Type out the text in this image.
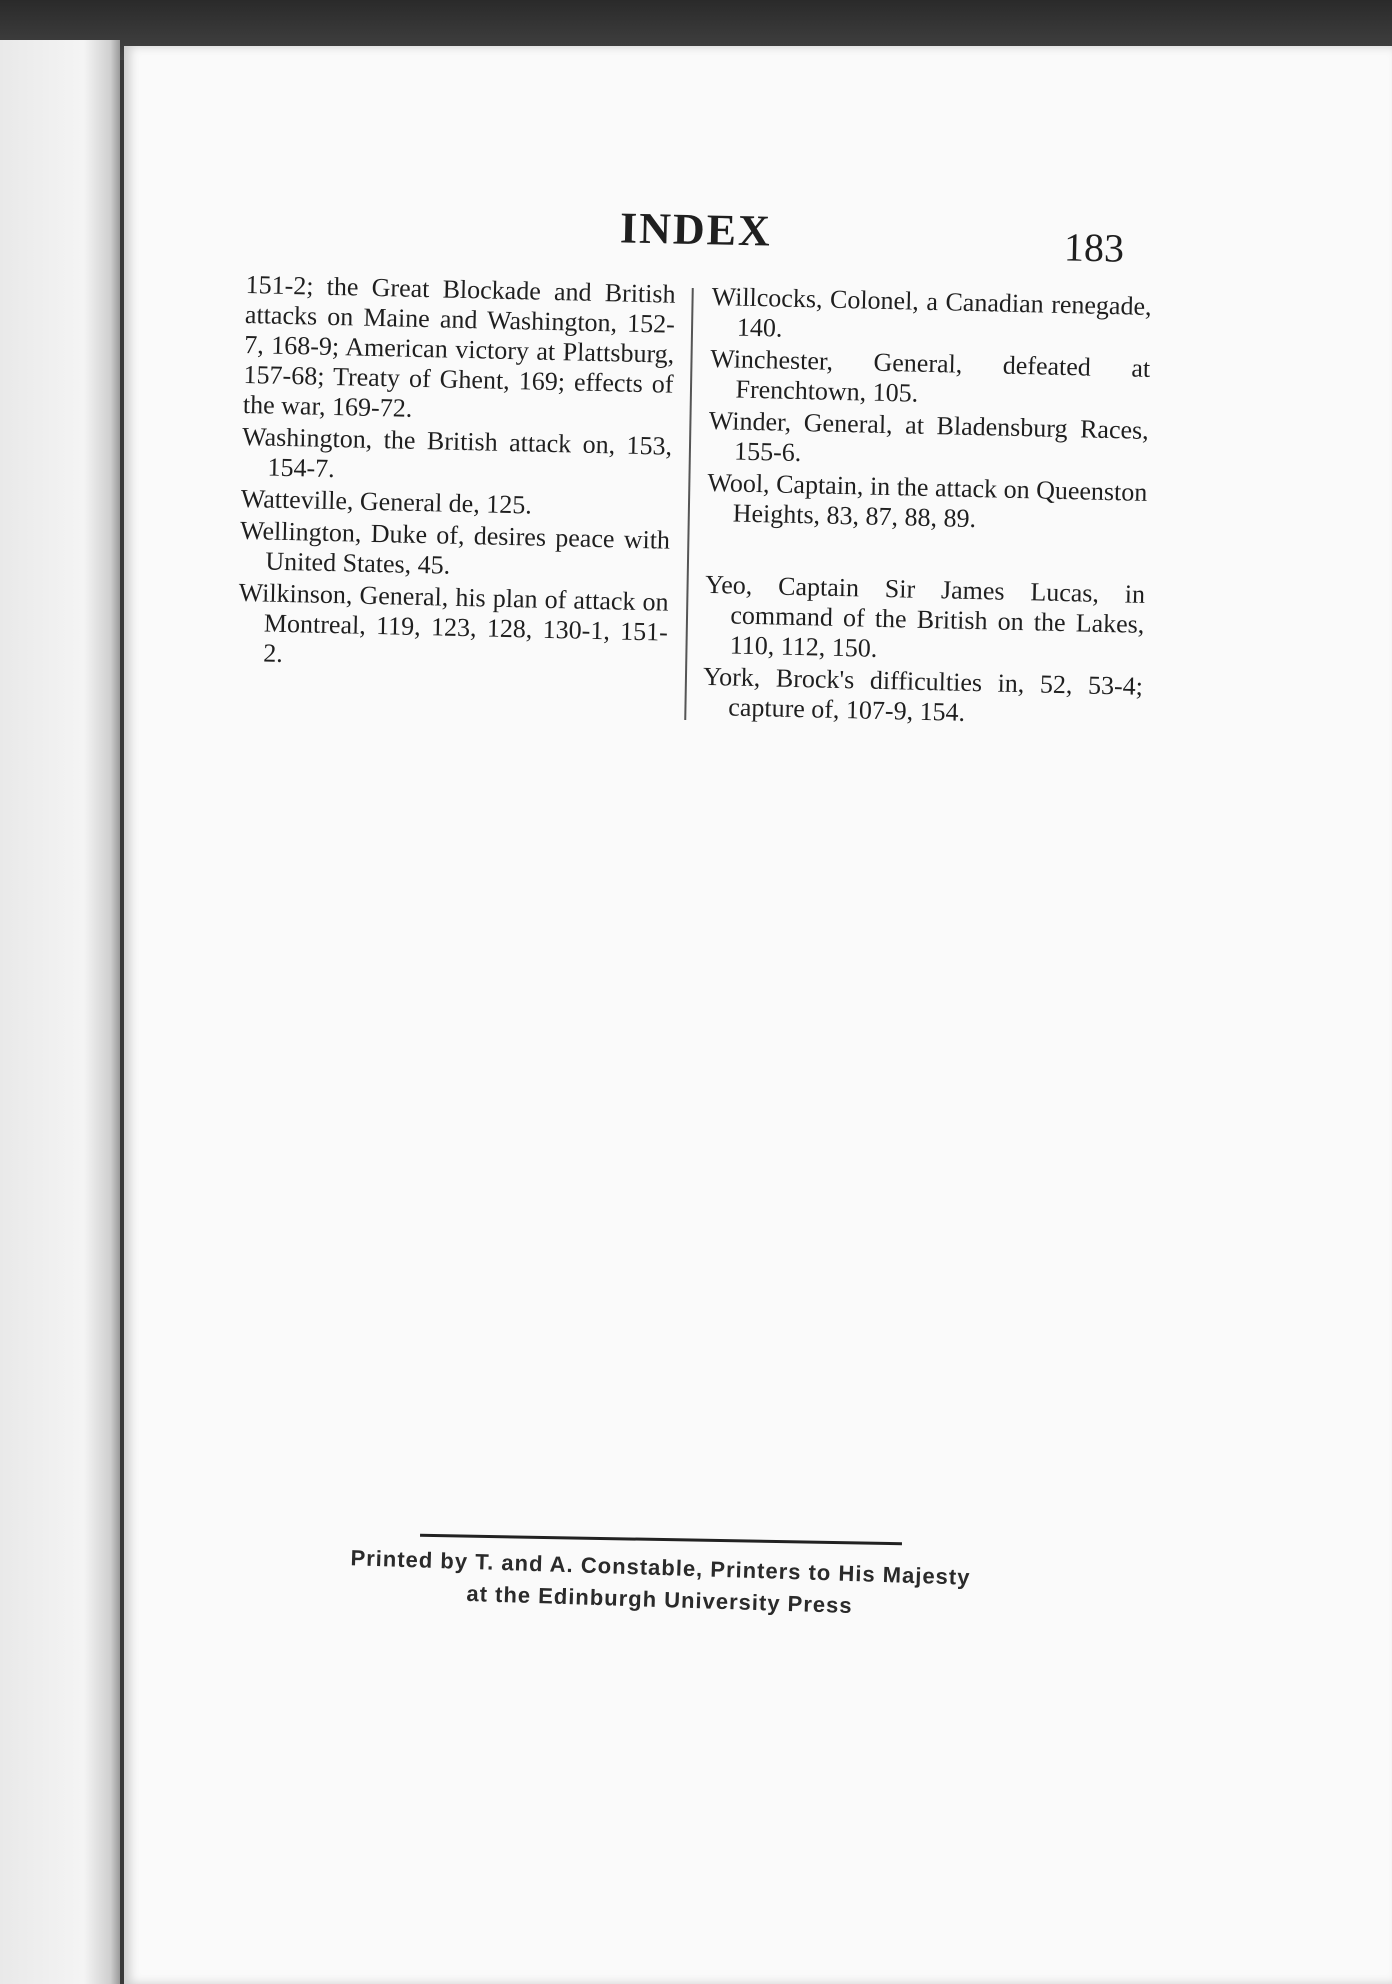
INDEX	183

151-2; the Great Blockade and British attacks on Maine and Washington, 152-7, 168-9; American victory at Plattsburg, 157-68; Treaty of Ghent, 169; effects of the war, 169-72.

Washington, the British attack on, 153, 154-7.

Watteville, General de, 125.

Wellington, Duke of, desires peace with United States, 45.

Wilkinson, General, his plan of attack on Montreal, 119, 123, 128, 130-1, 151-2.

Willcocks, Colonel, a Canadian renegade, 140.

Winchester, General, defeated at Frenchtown, 105.

Winder, General, at Bladensburg Races, 155-6.

Wool, Captain, in the attack on Queenston Heights, 83, 87, 88, 89.

Yeo, Captain Sir James Lucas, in command of the British on the Lakes, 110, 112, 150.

York, Brock's difficulties in, 52, 53-4; capture of, 107-9, 154.

Printed by T. and A. Constable, Printers to His Majesty
at the Edinburgh University Press
